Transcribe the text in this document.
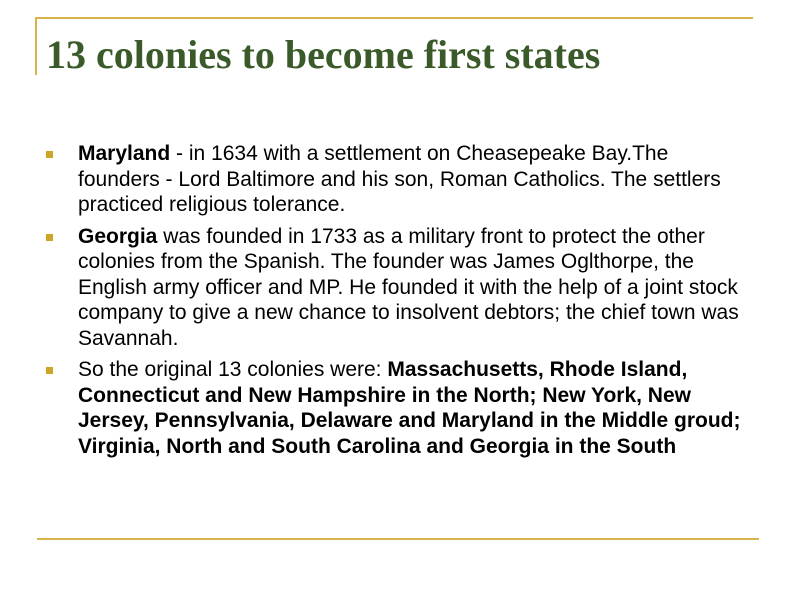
13 colonies to become first states
Maryland - in 1634 with a settlement on Cheasepeake Bay.The founders - Lord Baltimore and his son, Roman Catholics. The settlers practiced religious tolerance.
Georgia was founded in 1733 as a military front to protect the other colonies from the Spanish. The founder was James Oglthorpe, the English army officer and MP. He founded it with the help of a joint stock company to give a new chance to insolvent debtors; the chief town was Savannah.
So the original 13 colonies were: Massachusetts, Rhode Island, Connecticut and New Hampshire in the North; New York, New Jersey, Pennsylvania, Delaware and Maryland in the Middle groud; Virginia, North and South Carolina and Georgia in the South
